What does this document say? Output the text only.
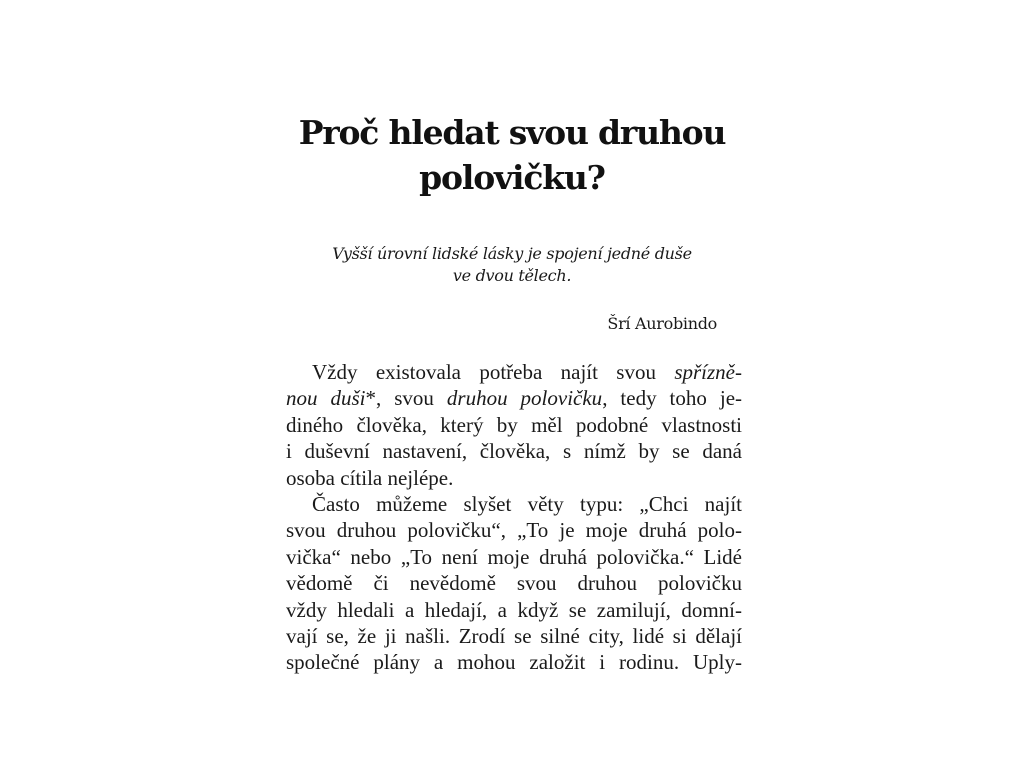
Proč hledat svou druhou
polovičku?

Vyšší úrovní lidské lásky je spojení jedné duše
ve dvou tělech.

Šrí Aurobindo

Vždy existovala potřeba najít svou spřízně-
nou duši*, svou druhou polovičku, tedy toho je-
diného člověka, který by měl podobné vlastnosti
i duševní nastavení, člověka, s nímž by se daná
osoba cítila nejlépe.
Často můžeme slyšet věty typu: „Chci najít
svou druhou polovičku“, „To je moje druhá polo-
vička“ nebo „To není moje druhá polovička.“ Lidé
vědomě či nevědomě svou druhou polovičku
vždy hledali a hledají, a když se zamilují, domní-
vají se, že ji našli. Zrodí se silné city, lidé si dělají
společné plány a mohou založit i rodinu. Uply-
